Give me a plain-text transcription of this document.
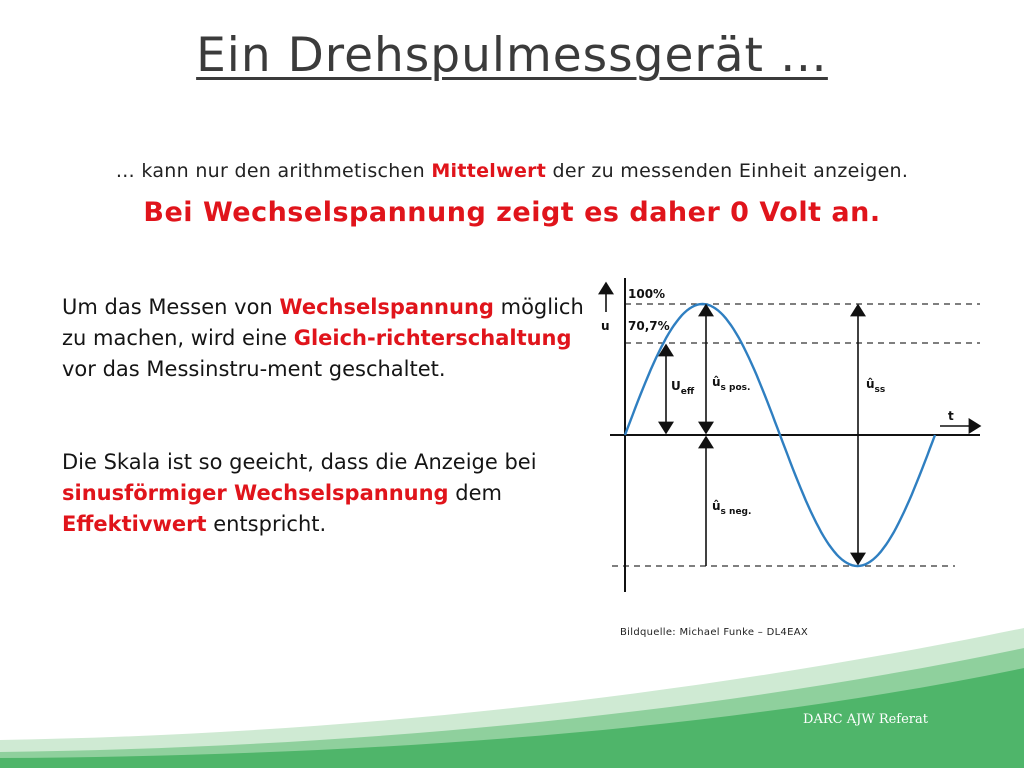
Ein Drehspulmessgerät …
… kann nur den arithmetischen Mittelwert der zu messenden Einheit anzeigen.
Bei Wechselspannung zeigt es daher 0 Volt an.
Um das Messen von Wechselspannung möglich zu machen, wird eine Gleich-richterschaltung vor das Messinstru-ment geschaltet.
Die Skala ist so geeicht, dass die Anzeige bei sinusförmiger Wechselspannung dem Effektivwert entspricht.
u
t
100%
70,7%
$U_{eff}$
$û_{s pos.}$
$û_{s neg.}$
$û_{ss}$
Bildquelle: Michael Funke – DL4EAX
DARC AJW Referat
